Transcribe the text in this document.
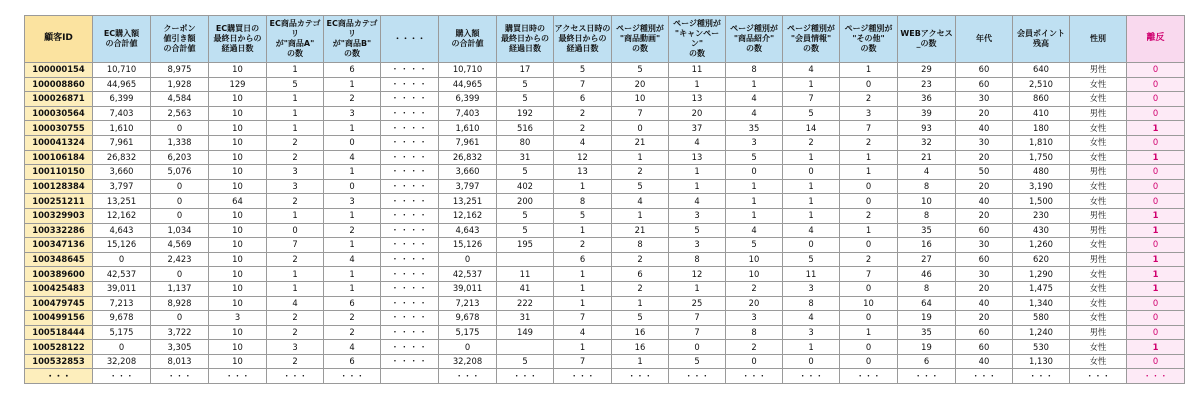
顧客ID	EC購入額
の合計値	クーポン
値引き額
の合計値	EC購買日の
最終日からの
経過日数	EC商品カテゴリ
が"商品A"
の数	EC商品カテゴリ
が"商品B"
の数	・・・・	購入額
の合計値	購買日時の
最終日からの
経過日数	アクセス日時の
最終日からの
経過日数	ページ種別が
"商品動画"
の数	ページ種別が
"キャンペーン"
の数	ページ種別が
"商品紹介"
の数	ページ種別が
"会員情報"
の数	ページ種別が
"その他"
の数	WEBアクセス
_の数	年代	会員ポイント
残高	性別	離反
100000154	10,710	8,975	10	1	6	・・・・	10,710	17	5	5	11	8	4	1	29	60	640	男性	0
100008860	44,965	1,928	129	5	1	・・・・	44,965	5	7	20	1	1	1	0	23	60	2,510	女性	0
100026871	6,399	4,584	10	1	2	・・・・	6,399	5	6	10	13	4	7	2	36	30	860	女性	0
100030564	7,403	2,563	10	1	3	・・・・	7,403	192	2	7	20	4	5	3	39	20	410	男性	0
100030755	1,610	0	10	1	1	・・・・	1,610	516	2	0	37	35	14	7	93	40	180	女性	1
100041324	7,961	1,338	10	2	0	・・・・	7,961	80	4	21	4	3	2	2	32	30	1,810	女性	0
100106184	26,832	6,203	10	2	4	・・・・	26,832	31	12	1	13	5	1	1	21	20	1,750	女性	1
100110150	3,660	5,076	10	3	1	・・・・	3,660	5	13	2	1	0	0	1	4	50	480	男性	0
100128384	3,797	0	10	3	0	・・・・	3,797	402	1	5	1	1	1	0	8	20	3,190	女性	0
100251211	13,251	0	64	2	3	・・・・	13,251	200	8	4	4	1	1	0	10	40	1,500	女性	0
100329903	12,162	0	10	1	1	・・・・	12,162	5	5	1	3	1	1	2	8	20	230	男性	1
100332286	4,643	1,034	10	0	2	・・・・	4,643	5	1	21	5	4	4	1	35	60	430	男性	1
100347136	15,126	4,569	10	7	1	・・・・	15,126	195	2	8	3	5	0	0	16	30	1,260	女性	0
100348645	0	2,423	10	2	4	・・・・	0		6	2	8	10	5	2	27	60	620	男性	1
100389600	42,537	0	10	1	1	・・・・	42,537	11	1	6	12	10	11	7	46	30	1,290	女性	1
100425483	39,011	1,137	10	1	1	・・・・	39,011	41	1	2	1	2	3	0	8	20	1,475	女性	1
100479745	7,213	8,928	10	4	6	・・・・	7,213	222	1	1	25	20	8	10	64	40	1,340	女性	0
100499156	9,678	0	3	2	2	・・・・	9,678	31	7	5	7	3	4	0	19	20	580	女性	0
100518444	5,175	3,722	10	2	2	・・・・	5,175	149	4	16	7	8	3	1	35	60	1,240	男性	0
100528122	0	3,305	10	3	4	・・・・	0		1	16	0	2	1	0	19	60	530	女性	1
100532853	32,208	8,013	10	2	6	・・・・	32,208	5	7	1	5	0	0	0	6	40	1,130	女性	0
・・・	・・・	・・・	・・・	・・・	・・・		・・・	・・・	・・・	・・・	・・・	・・・	・・・	・・・	・・・	・・・	・・・	・・・	・・・
